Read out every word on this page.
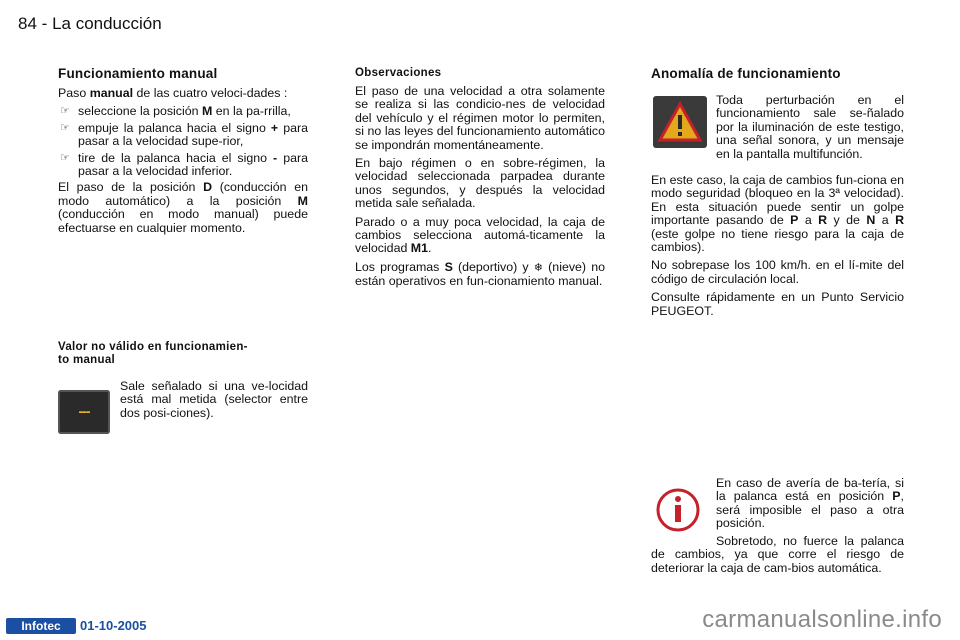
84 - La conducción
Funcionamiento manual

Paso manual de las cuatro veloci-dades :

☞ seleccione la posición M en la pa-rrilla,
☞ empuje la palanca hacia el signo + para pasar a la velocidad supe-rior,
☞ tire de la palanca hacia el signo - para pasar a la velocidad inferior.

El paso de la posición D (conducción en modo automático) a la posición M (conducción en modo manual) puede efectuarse en cualquier momento.

Valor no válido en funcionamien-
to manual
---
Sale señalado si una ve-locidad está mal metida (selector entre dos posi-ciones).
Observaciones

El paso de una velocidad a otra solamente se realiza si las condicio-nes de velocidad del vehículo y el régimen motor lo permiten, si no las leyes del funcionamiento automático se impondrán momentáneamente.

En bajo régimen o en sobre-régimen, la velocidad seleccionada parpadea durante unos segundos, y después la velocidad metida sale señalada.

Parado o a muy poca velocidad, la caja de cambios selecciona automá-ticamente la velocidad M1.

Los programas S (deportivo) y ❄ (nieve) no están operativos en fun-cionamiento manual.

Anomalía de funcionamiento
Toda perturbación en el funcionamiento sale se-ñalado por la iluminación de este testigo, una señal sonora, y un mensaje en la pantalla multifunción.

En este caso, la caja de cambios fun-ciona en modo seguridad (bloqueo en la 3ª velocidad). En esta situación puede sentir un golpe importante pasando de P a R y de N a R (este golpe no tiene riesgo para la caja de cambios).

No sobrepase los 100 km/h. en el lí-mite del código de circulación local.

Consulte rápidamente en un Punto Servicio PEUGEOT.

En caso de avería de ba-tería, si la palanca está en posición P, será imposible el paso a otra posición.

Sobretodo, no fuerce la palanca de cambios, ya que corre el riesgo de deteriorar la caja de cam-bios automática.
Infotec	01-10-2005	carmanualsonline.info
